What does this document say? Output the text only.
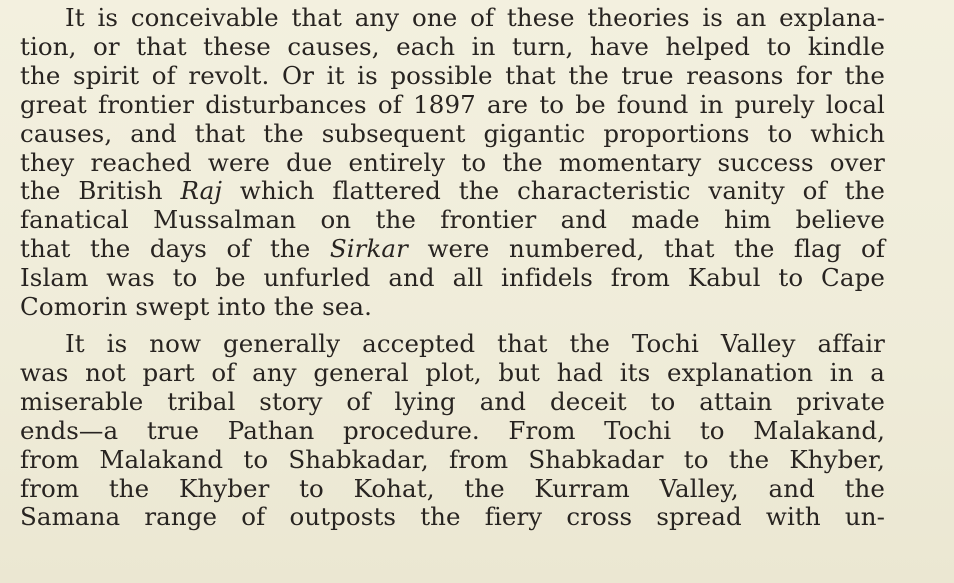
It is conceivable that any one of these theories is an explana-
tion, or that these causes, each in turn, have helped to kindle
the spirit of revolt. Or it is possible that the true reasons for the
great frontier disturbances of 1897 are to be found in purely local
causes, and that the subsequent gigantic proportions to which
they reached were due entirely to the momentary success over
the British Raj which flattered the characteristic vanity of the
fanatical Mussalman on the frontier and made him believe
that the days of the Sirkar were numbered, that the flag of
Islam was to be unfurled and all infidels from Kabul to Cape
Comorin swept into the sea.

It is now generally accepted that the Tochi Valley affair
was not part of any general plot, but had its explanation in a
miserable tribal story of lying and deceit to attain private
ends—a true Pathan procedure. From Tochi to Malakand,
from Malakand to Shabkadar, from Shabkadar to the Khyber,
from the Khyber to Kohat, the Kurram Valley, and the
Samana range of outposts the fiery cross spread with un-
